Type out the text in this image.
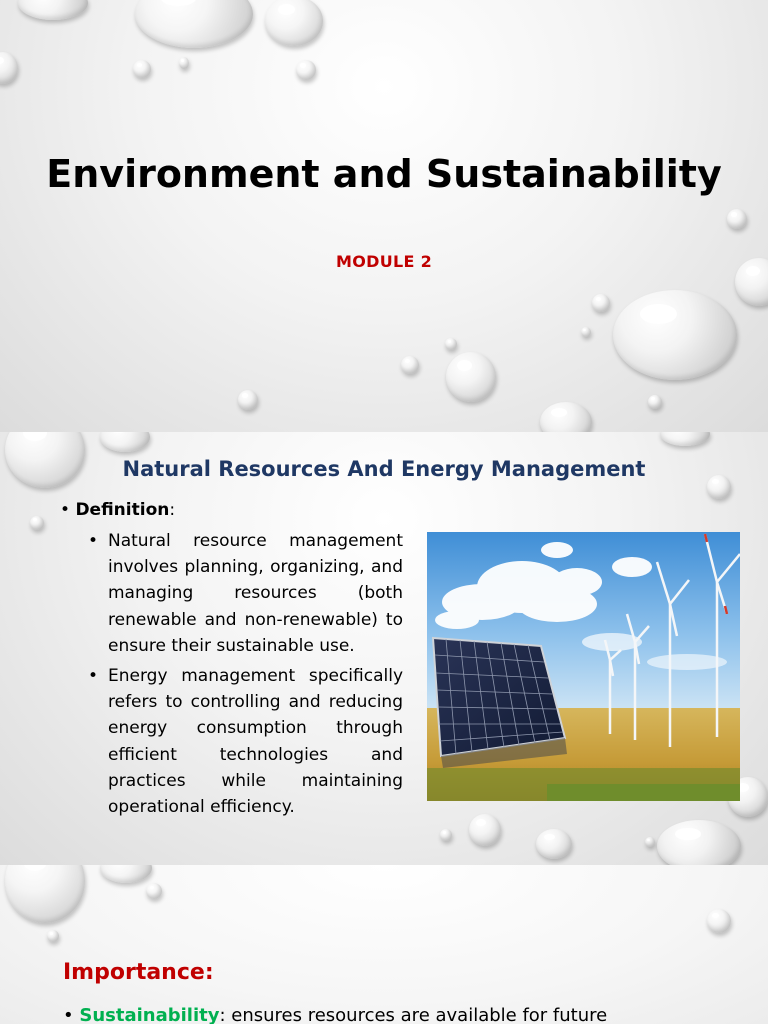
Environment and Sustainability
MODULE 2
Natural Resources And Energy Management
• Definition:
• Natural resource management involves planning, organizing, and managing resources (both renewable and non-renewable) to ensure their sustainable use.
• Energy management specifically refers to controlling and reducing energy consumption through efficient technologies and practices while maintaining operational efficiency.
Importance:
• Sustainability: ensures resources are available for future
